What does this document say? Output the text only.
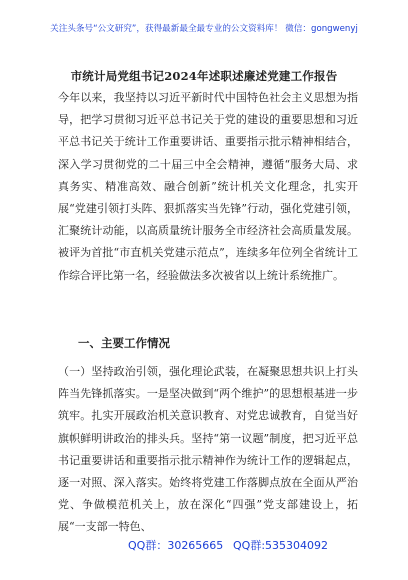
关注头条号“公文研究”，获得最新最全最专业的公文资料库！ 微信：gongwenyj
市统计局党组书记2024年述职述廉述党建工作报告

今年以来，我坚持以习近平新时代中国特色社会主义思想为指导，把学习贯彻习近平总书记关于党的建设的重要思想和习近平总书记关于统计工作重要讲话、重要指示批示精神相结合，深入学习贯彻党的二十届三中全会精神，遵循“服务大局、求真务实、精准高效、融合创新”统计机关文化理念，扎实开展“党建引领打头阵、狠抓落实当先锋”行动，强化党建引领，汇聚统计动能，以高质量统计服务全市经济社会高质量发展。被评为首批“市直机关党建示范点”，连续多年位列全省统计工作综合评比第一名，经验做法多次被省以上统计系统推广。

一、主要工作情况

（一）坚持政治引领，强化理论武装，在凝聚思想共识上打头阵当先锋抓落实。一是坚决做到“两个维护”的思想根基进一步筑牢。扎实开展政治机关意识教育、对党忠诚教育，自觉当好旗帜鲜明讲政治的排头兵。坚持“第一议题”制度，把习近平总书记重要讲话和重要指示批示精神作为统计工作的逻辑起点，逐一对照、深入落实。始终将党建工作落脚点放在全面从严治党、争做模范机关上，放在深化“四强”党支部建设上，拓展“一支部一特色、

QQ群：30265665 QQ群:535304092
